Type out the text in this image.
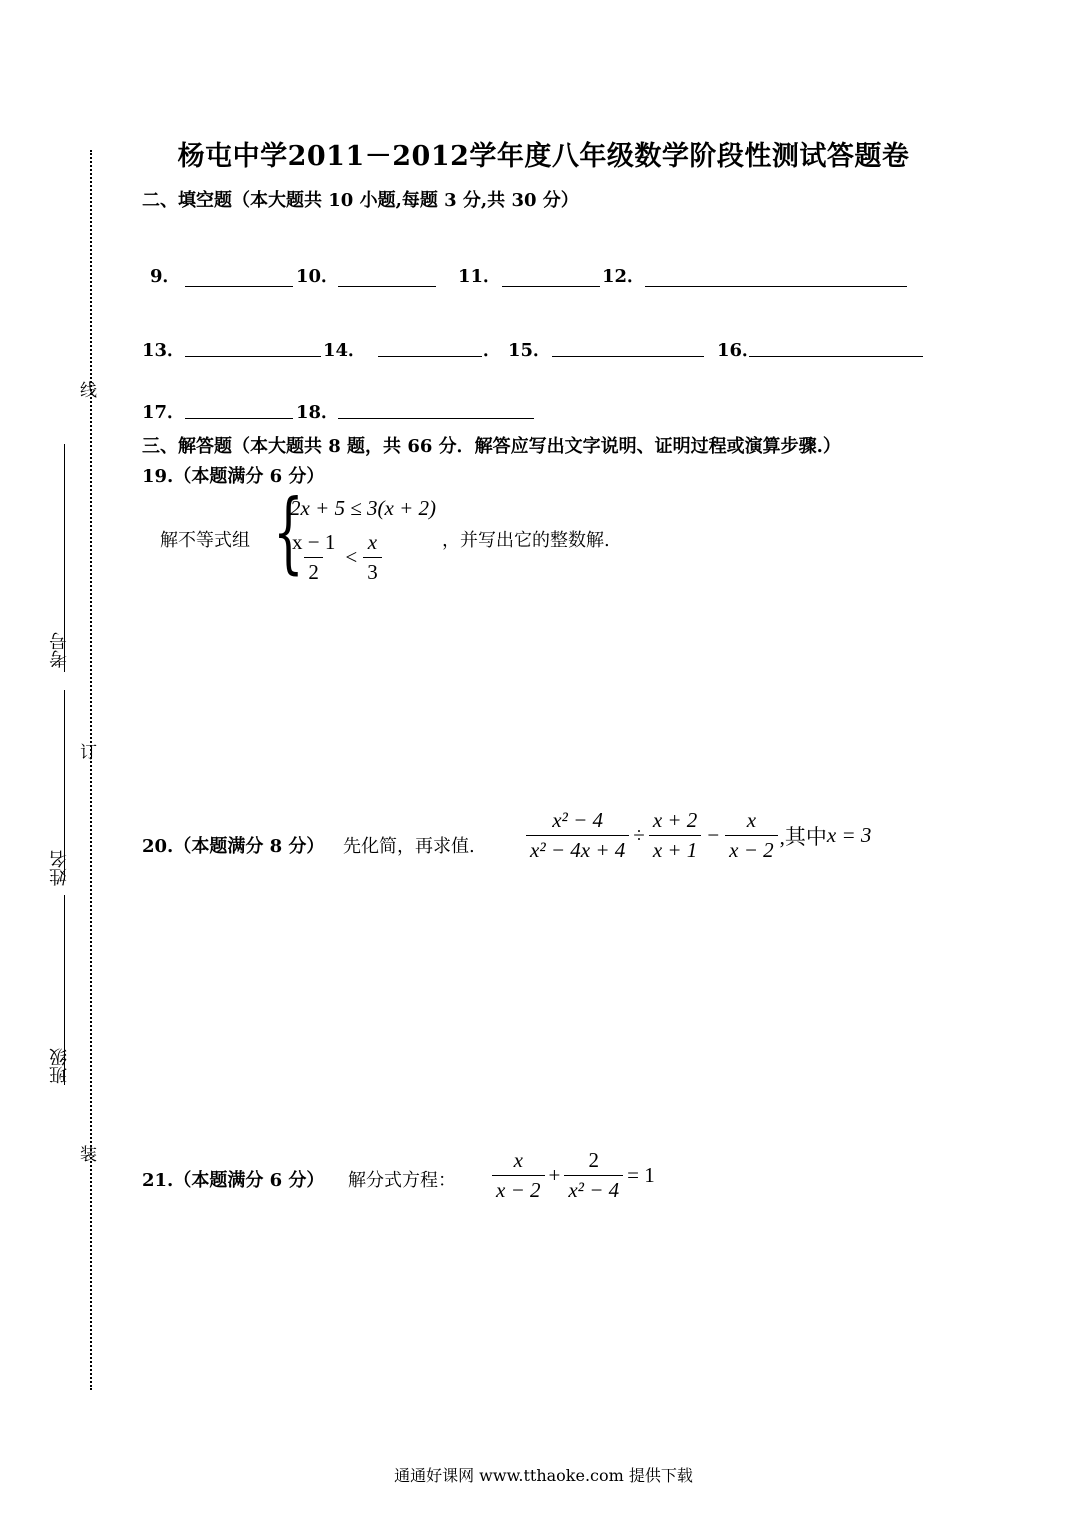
杨屯中学2011－2012学年度八年级数学阶段性测试答题卷
线
订
装
考号
姓名
班级
二、填空题（本大题共 10 小题,每题 3 分,共 30 分）
9．	10．	11．	12．
13．	14．	． 15．	16．
17．	18．
三、解答题（本大题共 8 题，共 66 分．解答应写出文字说明、证明过程或演算步骤.）
19.（本题满分 6 分）
解不等式组 {
2x + 5 ≤ 3(x + 2)
$\frac{x - 1}{2} < \frac{x}{3}$	，并写出它的整数解.
20.（本题满分 8 分） 先化简，再求值. $\frac{\text{x² − 4}}{\text{x² − 4x + 4}} \div \frac{x + 2}{x + 1} - \frac{x}{x - 2}$ ,其中 x = 3
21.（本题满分 6 分） 解分式方程： $\frac{x}{x - 2} + \frac{2}{\text{x² − 4}} = 1$
通通好课网 www.tthaoke.com 提供下载
